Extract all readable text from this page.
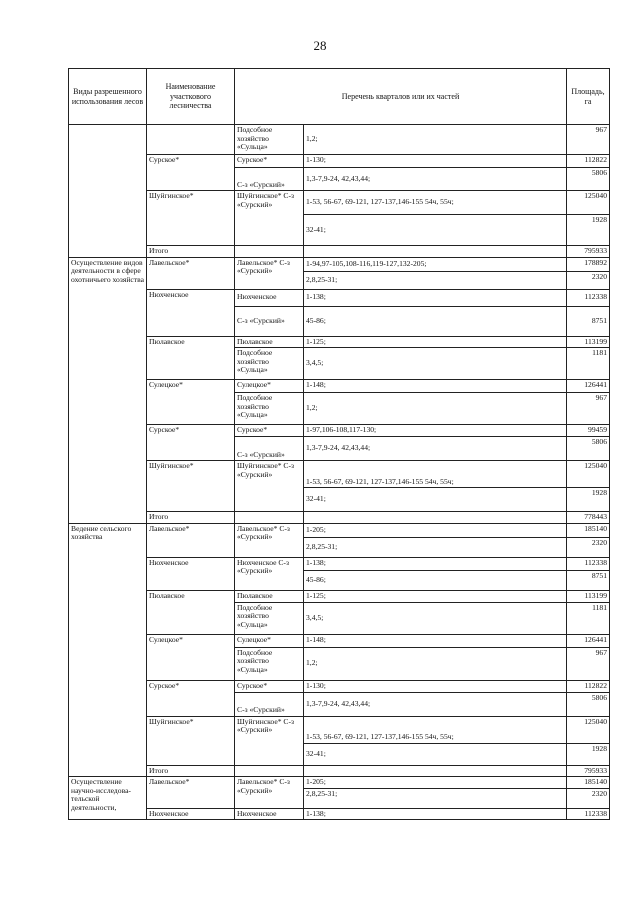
28
Виды разрешенного использования лесов	Наименование участкового лесничества	Перечень кварталов или их частей		Площадь, га
		Подсобное хозяйство «Сульца»	1,2;	967
	Сурское*	Сурское*	1-130;	112822
		С-з «Сурский»	1,3-7,9-24, 42,43,44;	5806
	Шуйгинское*	Шуйгинское* С-з «Сурский»	1-53, 56-67, 69-121, 127-137,146-155 54ч, 55ч;	125040
			32-41;	1928
	Итого			795933
Осуществление видов деятельности в сфере охотничьего хозяйства	Лавельское*	Лавельское* С-з «Сурский»	1-94,97-105,108-116,119-127,132-205;	178892
			2,8,25-31;	2320
	Нюхченское	Нюхченское	1-138;	112338
		С-з «Сурский»	45-86;	8751
	Пюлавское	Пюлавское	1-125;	113199
		Подсобное хозяйство «Сульца»	3,4,5;	1181
	Сулецкое*	Сулецкое*	1-148;	126441
		Подсобное хозяйство «Сульца»	1,2;	967
	Сурское*	Сурское*	1-97,106-108,117-130;	99459
		С-з «Сурский»	1,3-7,9-24, 42,43,44;	5806
	Шуйгинское*	Шуйгинское* С-з «Сурский»	1-53, 56-67, 69-121, 127-137,146-155 54ч, 55ч;	125040
			32-41;	1928
	Итого			778443
Ведение сельского хозяйства	Лавельское*	Лавельское* С-з «Сурский»	1-205;	185140
			2,8,25-31;	2320
	Нюхченское	Нюхченское С-з «Сурский»	1-138;	112338
			45-86;	8751
	Пюлавское	Пюлавское	1-125;	113199
		Подсобное хозяйство «Сульца»	3,4,5;	1181
	Сулецкое*	Сулецкое*	1-148;	126441
		Подсобное хозяйство «Сульца»	1,2;	967
	Сурское*	Сурское*	1-130;	112822
		С-з «Сурский»	1,3-7,9-24, 42,43,44;	5806
	Шуйгинское*	Шуйгинское* С-з «Сурский»	1-53, 56-67, 69-121, 127-137,146-155 54ч, 55ч;	125040
			32-41;	1928
	Итого			795933
Осуществление научно-исследова-тельской деятельности,	Лавельское*	Лавельское* С-з «Сурский»	1-205;	185140
			2,8,25-31;	2320
	Нюхченское	Нюхченское	1-138;	112338
